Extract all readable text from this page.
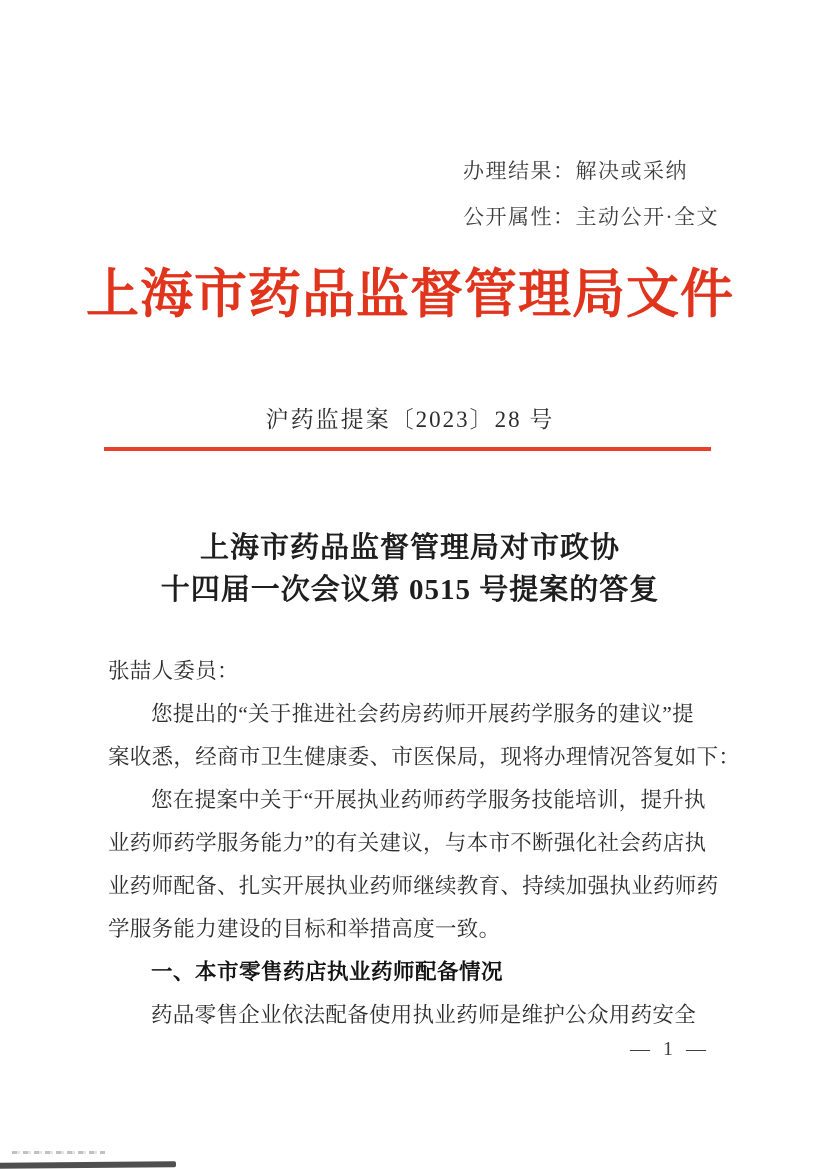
办理结果：解决或采纳
公开属性：主动公开·全文
上海市药品监督管理局文件
沪药监提案〔2023〕28 号
上海市药品监督管理局对市政协
十四届一次会议第 0515 号提案的答复
张喆人委员：
您提出的“关于推进社会药房药师开展药学服务的建议”提
案收悉，经商市卫生健康委、市医保局，现将办理情况答复如下：
您在提案中关于“开展执业药师药学服务技能培训，提升执
业药师药学服务能力”的有关建议，与本市不断强化社会药店执
业药师配备、扎实开展执业药师继续教育、持续加强执业药师药
学服务能力建设的目标和举措高度一致。
一、本市零售药店执业药师配备情况
药品零售企业依法配备使用执业药师是维护公众用药安全
— 1 —
